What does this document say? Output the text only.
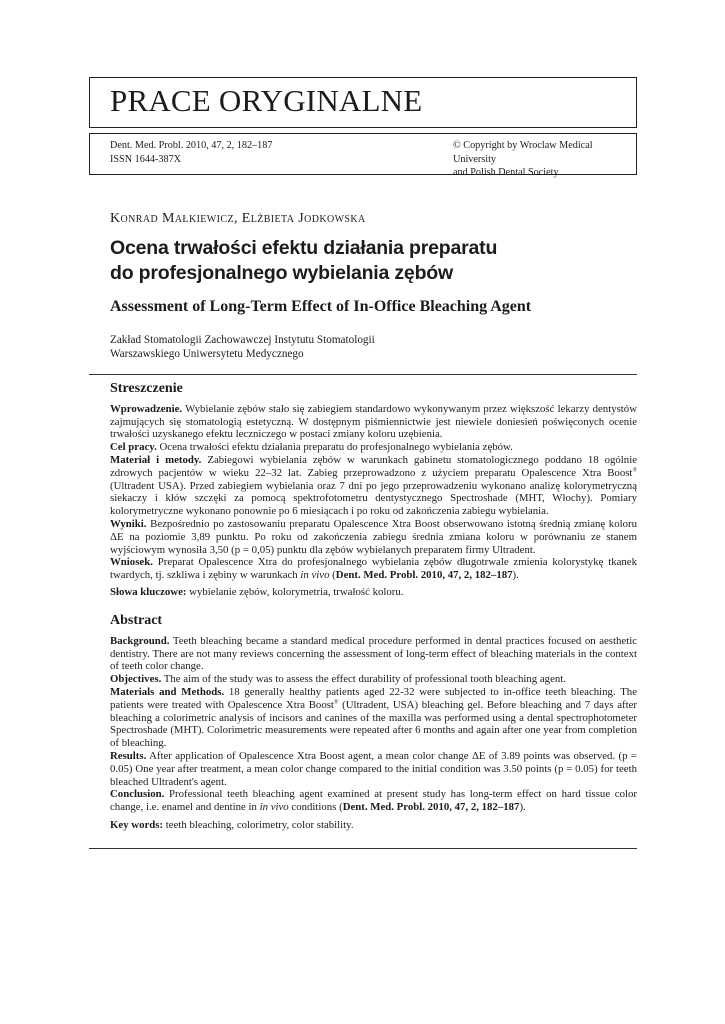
PRACE ORYGINALNE
Dent. Med. Probl. 2010, 47, 2, 182–187
ISSN 1644-387X
© Copyright by Wroclaw Medical University
and Polish Dental Society
Konrad Małkiewicz, Elżbieta Jodkowska
Ocena trwałości efektu działania preparatu
do profesjonalnego wybielania zębów
Assessment of Long-Term Effect of In-Office Bleaching Agent
Zakład Stomatologii Zachowawczej Instytutu Stomatologii
Warszawskiego Uniwersytetu Medycznego
Streszczenie

Wprowadzenie. Wybielanie zębów stało się zabiegiem standardowo wykonywanym przez większość lekarzy dentystów zajmujących się stomatologią estetyczną. W dostępnym piśmiennictwie jest niewiele doniesień poświęconych ocenie trwałości uzyskanego efektu leczniczego w postaci zmiany koloru uzębienia.

Cel pracy. Ocena trwałości efektu działania preparatu do profesjonalnego wybielania zębów.

Materiał i metody. Zabiegowi wybielania zębów w warunkach gabinetu stomatologicznego poddano 18 ogólnie zdrowych pacjentów w wieku 22–32 lat. Zabieg przeprowadzono z użyciem preparatu Opalescence Xtra Boost® (Ultradent USA). Przed zabiegiem wybielania oraz 7 dni po jego przeprowadzeniu wykonano analizę kolorymetryczną siekaczy i kłów szczęki za pomocą spektrofotometru dentystycznego Spectroshade (MHT, Włochy). Pomiary kolorymetryczne wykonano ponownie po 6 miesiącach i po roku od zakończenia zabiegu wybielania.

Wyniki. Bezpośrednio po zastosowaniu preparatu Opalescence Xtra Boost obserwowano istotną średnią zmianę koloru ΔE na poziomie 3,89 punktu. Po roku od zakończenia zabiegu średnia zmiana koloru w porównaniu ze stanem wyjściowym wynosiła 3,50 (p = 0,05) punktu dla zębów wybielanych preparatem firmy Ultradent.

Wniosek. Preparat Opalescence Xtra do profesjonalnego wybielania zębów długotrwale zmienia kolorystykę tkanek twardych, tj. szkliwa i zębiny w warunkach in vivo (Dent. Med. Probl. 2010, 47, 2, 182–187).

Słowa kluczowe: wybielanie zębów, kolorymetria, trwałość koloru.

Abstract

Background. Teeth bleaching became a standard medical procedure performed in dental practices focused on aesthetic dentistry. There are not many reviews concerning the assessment of long-term effect of bleaching materials in the context of teeth color change.

Objectives. The aim of the study was to assess the effect durability of professional tooth bleaching agent.

Materials and Methods. 18 generally healthy patients aged 22-32 were subjected to in-office teeth bleaching. The patients were treated with Opalescence Xtra Boost® (Ultradent, USA) bleaching gel. Before bleaching and 7 days after bleaching a colorimetric analysis of incisors and canines of the maxilla was performed using a dental spectrophotometer Spectroshade (MHT). Colorimetric measurements were repeated after 6 months and again after one year from completion of bleaching.

Results. After application of Opalescence Xtra Boost agent, a mean color change ΔE of 3.89 points was observed. (p = 0.05) One year after treatment, a mean color change compared to the initial condition was 3.50 points (p = 0.05) for teeth bleached Ultradent's agent.

Conclusion. Professional teeth bleaching agent examined at present study has long-term effect on hard tissue color change, i.e. enamel and dentine in in vivo conditions (Dent. Med. Probl. 2010, 47, 2, 182–187).

Key words: teeth bleaching, colorimetry, color stability.
